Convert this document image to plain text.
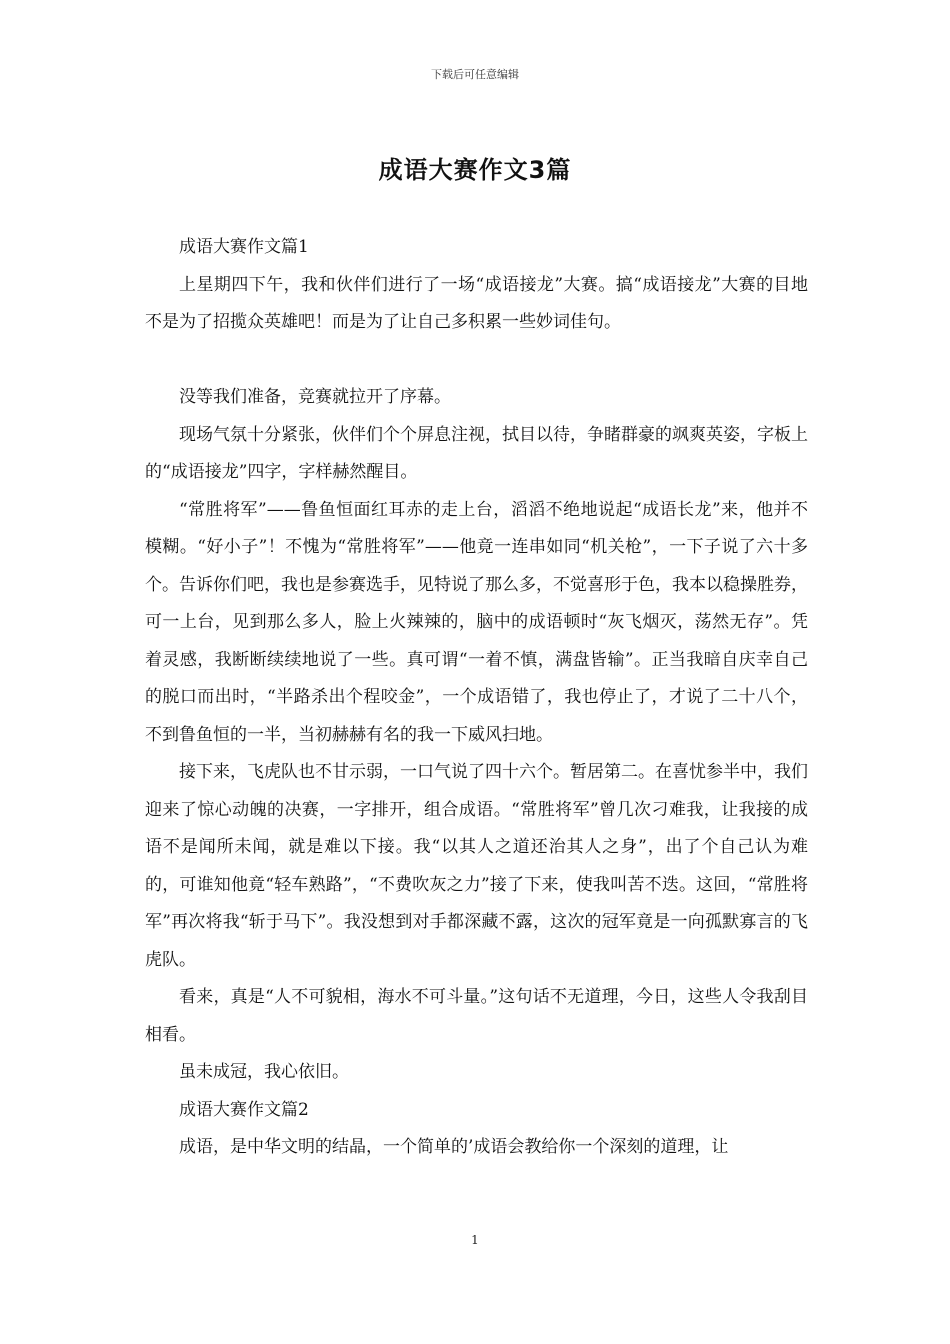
下载后可任意编辑
成语大赛作文3篇

成语大赛作文篇1

上星期四下午，我和伙伴们进行了一场“成语接龙”大赛。搞“成语接龙”大赛的目地不是为了招揽众英雄吧！而是为了让自己多积累一些妙词佳句。

没等我们准备，竞赛就拉开了序幕。

现场气氛十分紧张，伙伴们个个屏息注视，拭目以待，争睹群豪的飒爽英姿，字板上的“成语接龙”四字，字样赫然醒目。

“常胜将军”——鲁鱼恒面红耳赤的走上台，滔滔不绝地说起“成语长龙”来，他并不模糊。“好小子”！不愧为“常胜将军”——他竟一连串如同“机关枪”，一下子说了六十多个。告诉你们吧，我也是参赛选手，见特说了那么多，不觉喜形于色，我本以稳操胜券，可一上台，见到那么多人，脸上火辣辣的，脑中的成语顿时“灰飞烟灭，荡然无存”。凭着灵感，我断断续续地说了一些。真可谓“一着不慎，满盘皆输”。正当我暗自庆幸自己的脱口而出时，“半路杀出个程咬金”，一个成语错了，我也停止了，才说了二十八个，不到鲁鱼恒的一半，当初赫赫有名的我一下威风扫地。

接下来，飞虎队也不甘示弱，一口气说了四十六个。暂居第二。在喜忧参半中，我们迎来了惊心动魄的决赛，一字排开，组合成语。“常胜将军”曾几次刁难我，让我接的成语不是闻所未闻，就是难以下接。我“以其人之道还治其人之身”，出了个自己认为难的，可谁知他竟“轻车熟路”，“不费吹灰之力”接了下来，使我叫苦不迭。这回，“常胜将军”再次将我“斩于马下”。我没想到对手都深藏不露，这次的冠军竟是一向孤默寡言的飞虎队。

看来，真是“人不可貌相，海水不可斗量。”这句话不无道理，今日，这些人令我刮目相看。

虽未成冠，我心依旧。

成语大赛作文篇2

成语，是中华文明的结晶，一个简单的’成语会教给你一个深刻的道理，让

1
